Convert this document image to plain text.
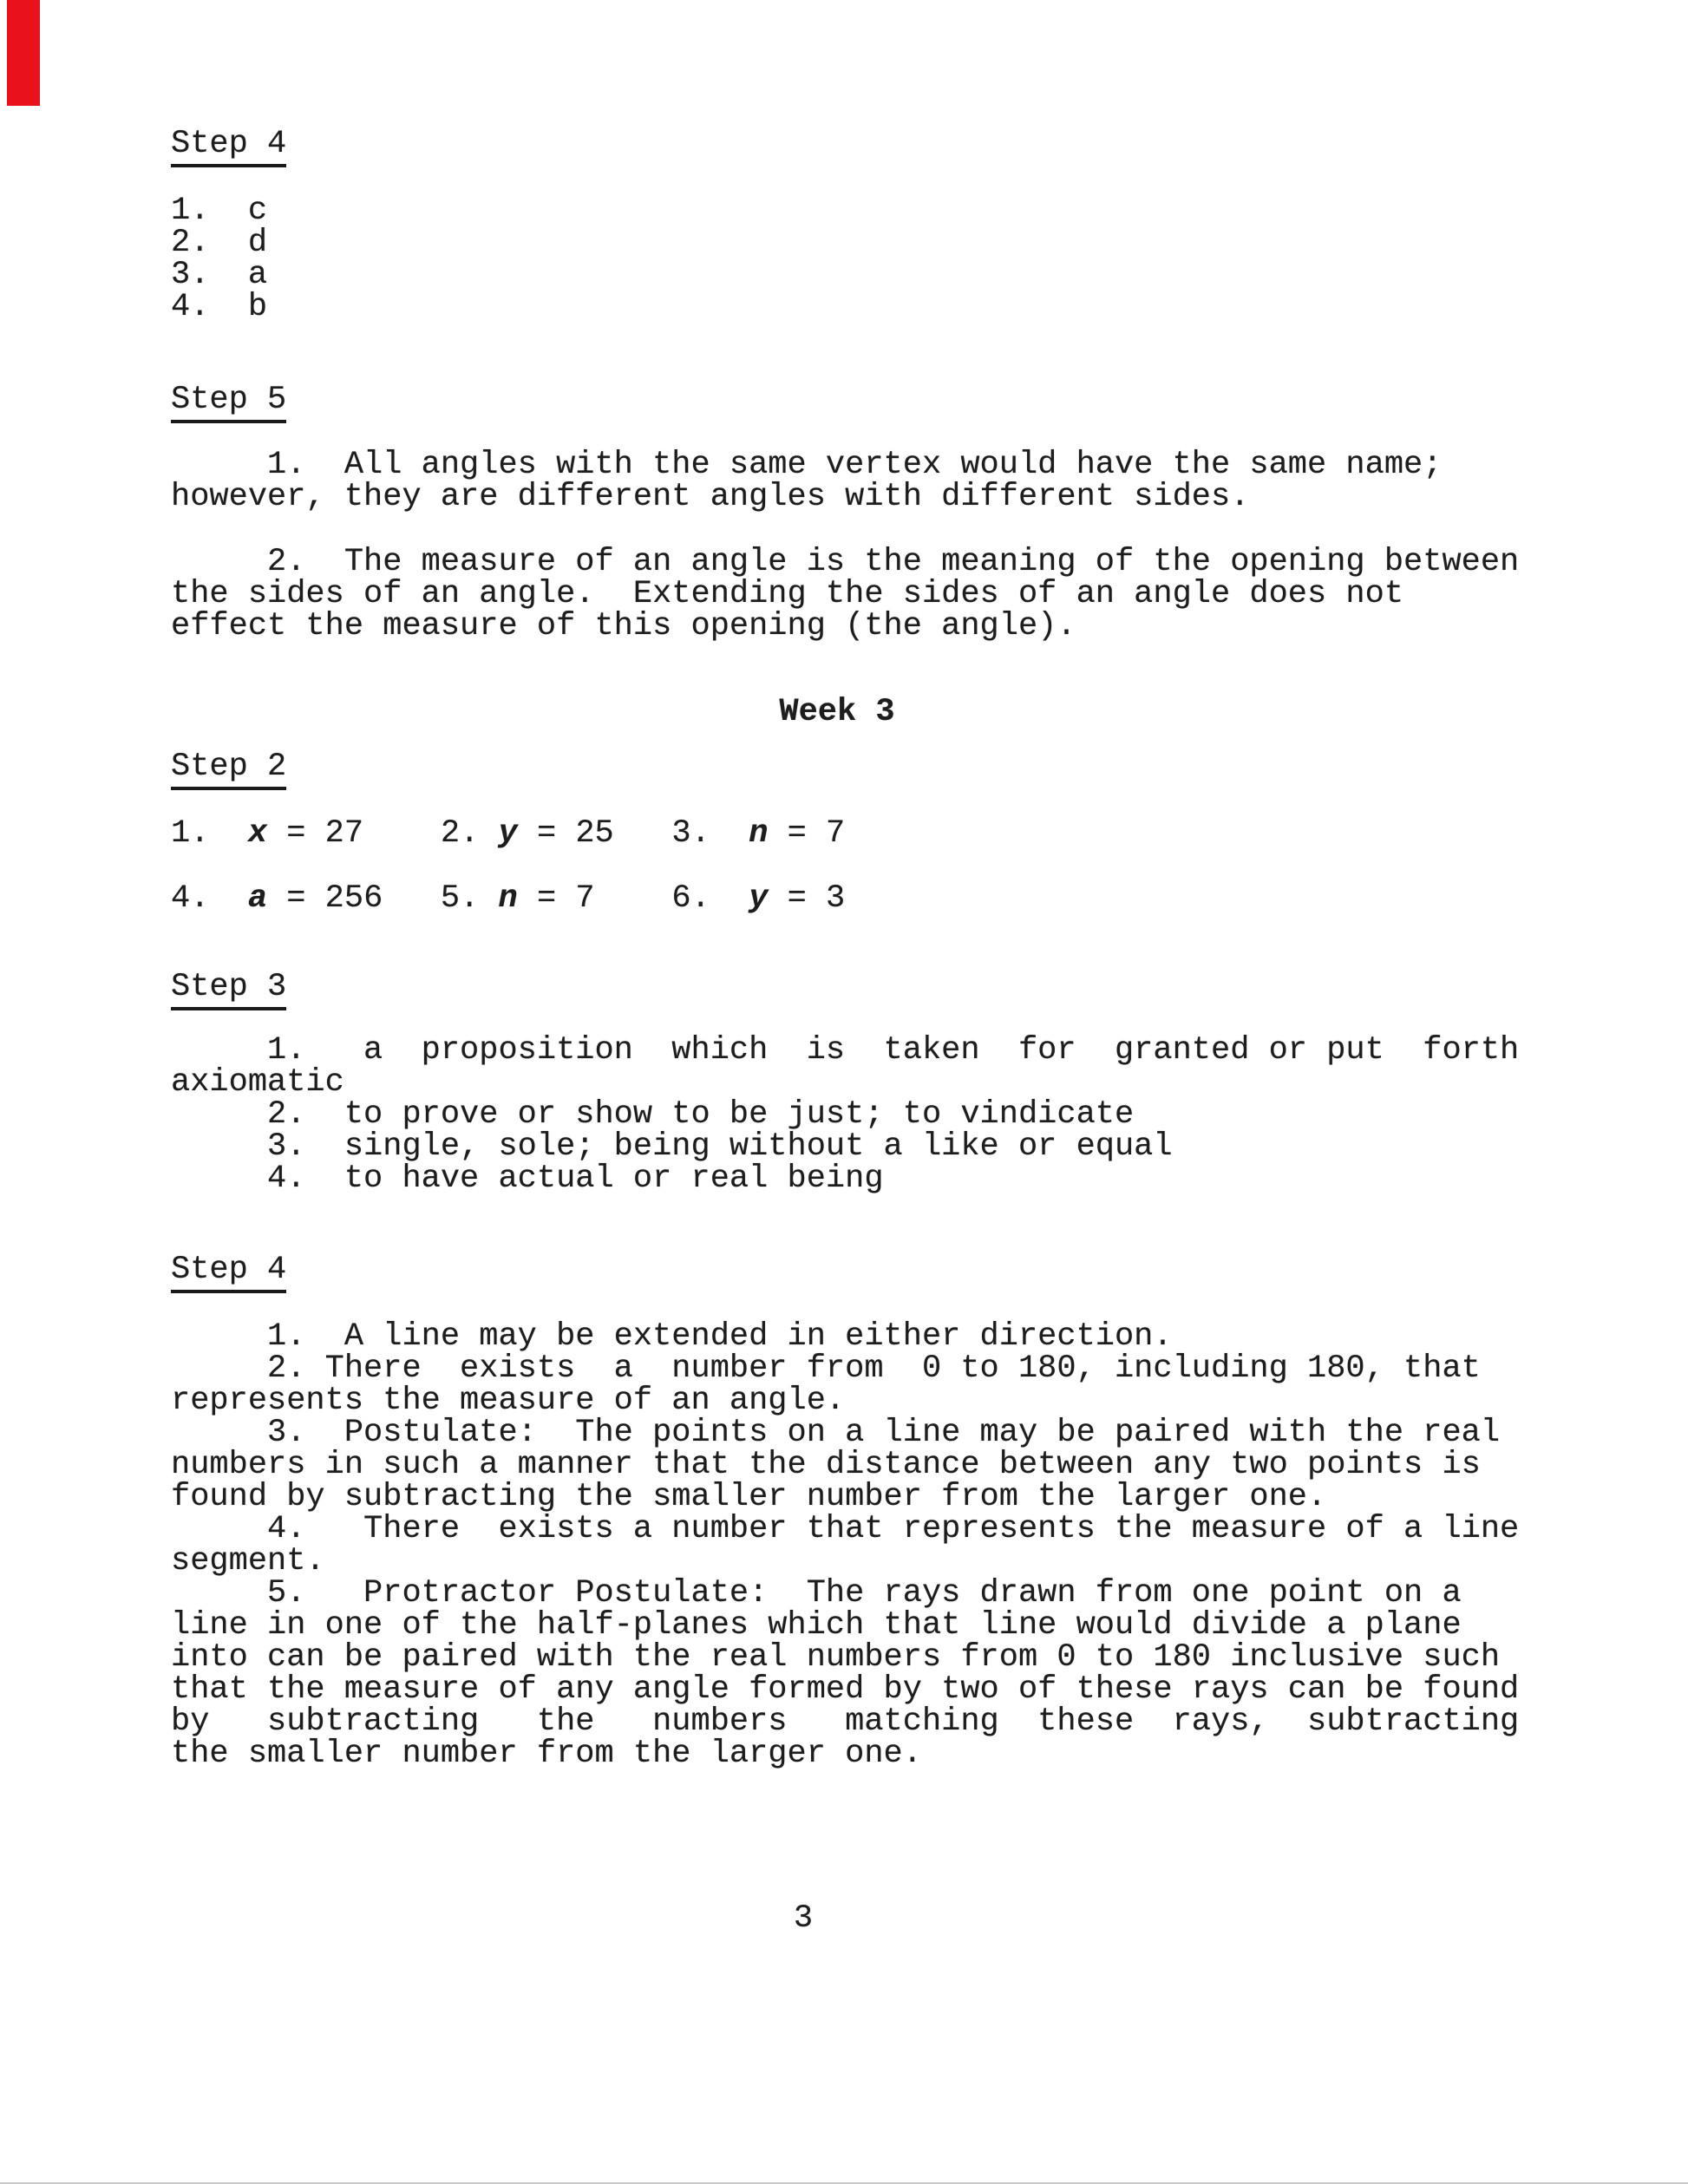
Step 4
1.  c
2.  d
3.  a
4.  b
Step 5
1.  All angles with the same vertex would have the same name;
however, they are different angles with different sides.
2.  The measure of an angle is the meaning of the opening between
the sides of an angle.  Extending the sides of an angle does not
effect the measure of this opening (the angle).
Week 3
Step 2
1.  x = 27    2. y = 25   3.  n = 7
4.  a = 256   5. n = 7    6.  y = 3
Step 3
1.   a  proposition  which  is  taken  for  granted or put  forth
axiomatic
2.  to prove or show to be just; to vindicate
3.  single, sole; being without a like or equal
4.  to have actual or real being
Step 4
1.  A line may be extended in either direction.
2. There  exists  a  number from  0 to 180, including 180, that
represents the measure of an angle.
3.  Postulate:  The points on a line may be paired with the real
numbers in such a manner that the distance between any two points is
found by subtracting the smaller number from the larger one.
4.   There  exists a number that represents the measure of a line
segment.
5.   Protractor Postulate:  The rays drawn from one point on a
line in one of the half-planes which that line would divide a plane
into can be paired with the real numbers from 0 to 180 inclusive such
that the measure of any angle formed by two of these rays can be found
by   subtracting   the   numbers   matching  these  rays,  subtracting
the smaller number from the larger one.
3
